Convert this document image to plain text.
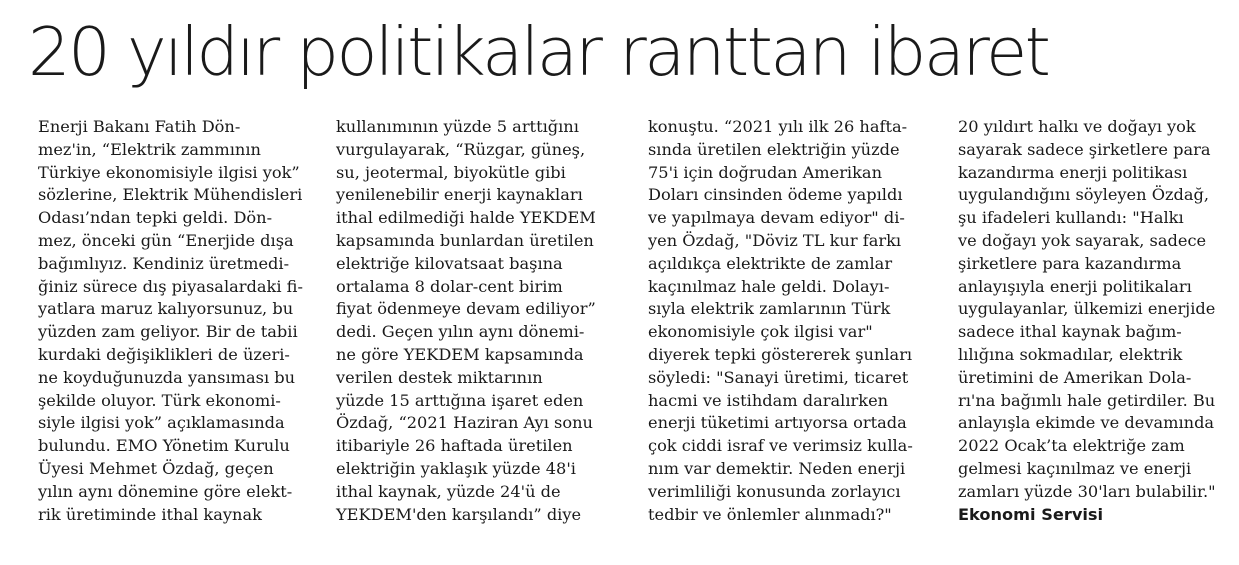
20 yıldır politikalar ranttan ibaret
Enerji Bakanı Fatih Dön-
mez'in, “Elektrik zammının
Türkiye ekonomisiyle ilgisi yok”
sözlerine, Elektrik Mühendisleri
Odası’ndan tepki geldi. Dön-
mez, önceki gün “Enerjide dışa
bağımlıyız. Kendiniz üretmedi-
ğiniz sürece dış piyasalardaki fi-
yatlara maruz kalıyorsunuz, bu
yüzden zam geliyor. Bir de tabii
kurdaki değişiklikleri de üzeri-
ne koyduğunuzda yansıması bu
şekilde oluyor. Türk ekonomi-
siyle ilgisi yok” açıklamasında
bulundu. EMO Yönetim Kurulu
Üyesi Mehmet Özdağ, geçen
yılın aynı dönemine göre elekt-
rik üretiminde ithal kaynak
kullanımının yüzde 5 arttığını
vurgulayarak, “Rüzgar, güneş,
su, jeotermal, biyokütle gibi
yenilenebilir enerji kaynakları
ithal edilmediği halde YEKDEM
kapsamında bunlardan üretilen
elektriğe kilovatsaat başına
ortalama 8 dolar-cent birim
fiyat ödenmeye devam ediliyor”
dedi. Geçen yılın aynı dönemi-
ne göre YEKDEM kapsamında
verilen destek miktarının
yüzde 15 arttığına işaret eden
Özdağ, “2021 Haziran Ayı sonu
itibariyle 26 haftada üretilen
elektriğin yaklaşık yüzde 48'i
ithal kaynak, yüzde 24'ü de
YEKDEM'den karşılandı” diye
konuştu. “2021 yılı ilk 26 hafta-
sında üretilen elektriğin yüzde
75'i için doğrudan Amerikan
Doları cinsinden ödeme yapıldı
ve yapılmaya devam ediyor" di-
yen Özdağ, "Döviz TL kur farkı
açıldıkça elektrikte de zamlar
kaçınılmaz hale geldi. Dolayı-
sıyla elektrik zamlarının Türk
ekonomisiyle çok ilgisi var"
diyerek tepki göstererek şunları
söyledi: "Sanayi üretimi, ticaret
hacmi ve istihdam daralırken
enerji tüketimi artıyorsa ortada
çok ciddi israf ve verimsiz kulla-
nım var demektir. Neden enerji
verimliliği konusunda zorlayıcı
tedbir ve önlemler alınmadı?"
20 yıldırt halkı ve doğayı yok
sayarak sadece şirketlere para
kazandırma enerji politikası
uygulandığını söyleyen Özdağ,
şu ifadeleri kullandı: "Halkı
ve doğayı yok sayarak, sadece
şirketlere para kazandırma
anlayışıyla enerji politikaları
uygulayanlar, ülkemizi enerjide
sadece ithal kaynak bağım-
lılığına sokmadılar, elektrik
üretimini de Amerikan Dola-
rı'na bağımlı hale getirdiler. Bu
anlayışla ekimde ve devamında
2022 Ocak’ta elektriğe zam
gelmesi kaçınılmaz ve enerji
zamları yüzde 30'ları bulabilir."
Ekonomi Servisi
